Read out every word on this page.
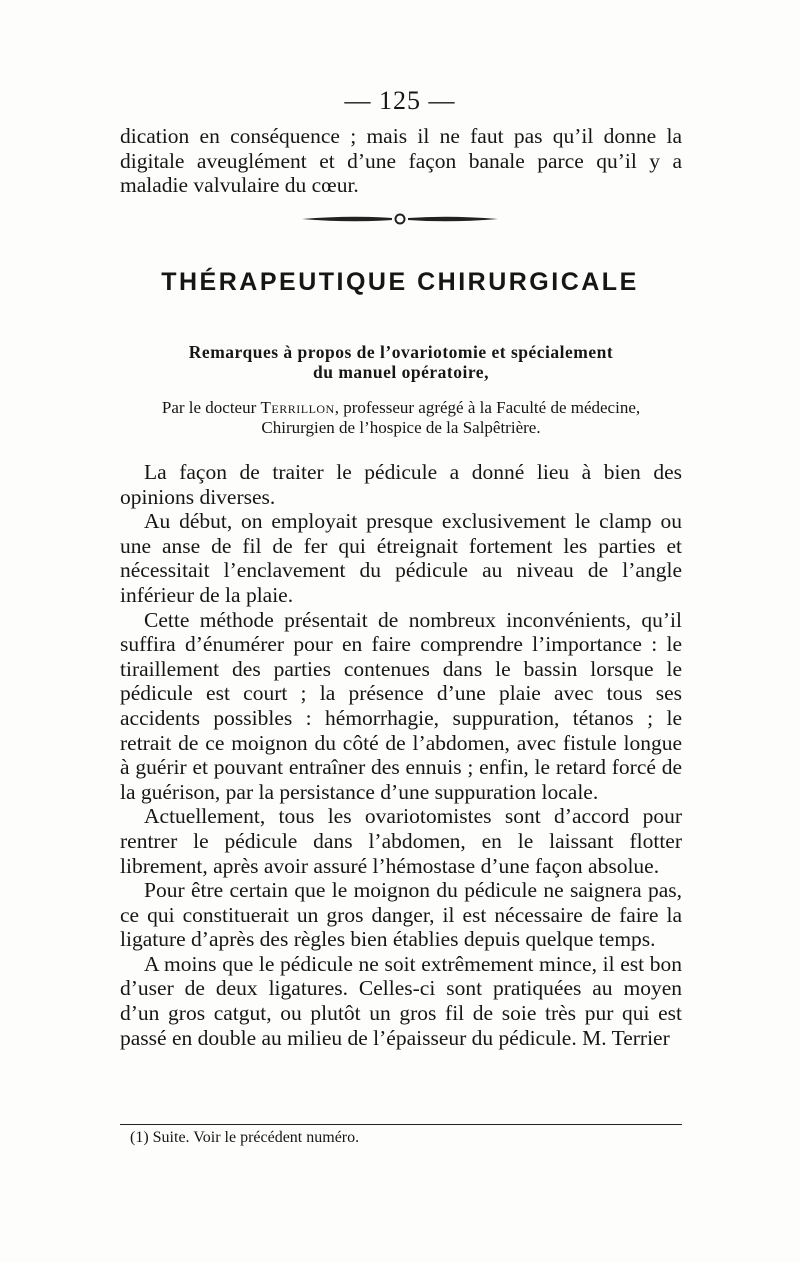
— 125 —

dication en conséquence ; mais il ne faut pas qu’il donne la digitale aveuglément et d’une façon banale parce qu’il y a maladie valvulaire du cœur.

THÉRAPEUTIQUE CHIRURGICALE

Remarques à propos de l’ovariotomie et spécialement

du manuel opératoire,

Par le docteur Terrillon, professeur agrégé à la Faculté de médecine,

Chirurgien de l’hospice de la Salpêtrière.

La façon de traiter le pédicule a donné lieu à bien des opinions diverses.

Au début, on employait presque exclusivement le clamp ou une anse de fil de fer qui étreignait fortement les parties et nécessitait l’enclavement du pédicule au niveau de l’angle inférieur de la plaie.

Cette méthode présentait de nombreux inconvénients, qu’il suffira d’énumérer pour en faire comprendre l’importance : le tiraillement des parties contenues dans le bassin lorsque le pédicule est court ; la présence d’une plaie avec tous ses accidents possibles : hémorrhagie, suppuration, tétanos ; le retrait de ce moignon du côté de l’abdomen, avec fistule longue à guérir et pouvant entraîner des ennuis ; enfin, le retard forcé de la guérison, par la persistance d’une suppuration locale.

Actuellement, tous les ovariotomistes sont d’accord pour rentrer le pédicule dans l’abdomen, en le laissant flotter librement, après avoir assuré l’hémostase d’une façon absolue.

Pour être certain que le moignon du pédicule ne saignera pas, ce qui constituerait un gros danger, il est nécessaire de faire la ligature d’après des règles bien établies depuis quelque temps.

A moins que le pédicule ne soit extrêmement mince, il est bon d’user de deux ligatures. Celles-ci sont pratiquées au moyen d’un gros catgut, ou plutôt un gros fil de soie très pur qui est passé en double au milieu de l’épaisseur du pédicule. M. Terrier

(1) Suite. Voir le précédent numéro.
